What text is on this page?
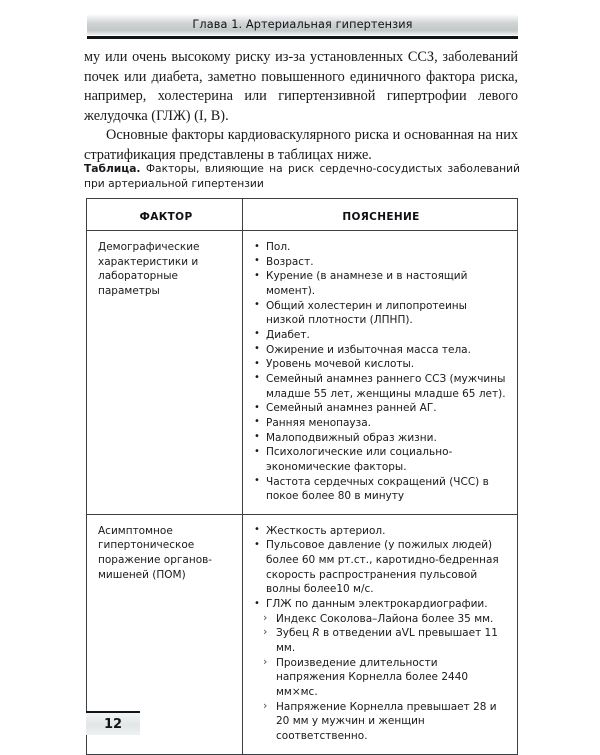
Глава 1. Артериальная гипертензия

му или очень высокому риску из-за установленных ССЗ, заболеваний почек или диабета, заметно повышенного единичного фактора риска, например, холестерина или гипертензивной гипертрофии левого желудочка (ГЛЖ) (I, B).

Основные факторы кардиоваскулярного риска и основанная на них стратификация представлены в таблицах ниже.

Таблица. Факторы, влияющие на риск сердечно-сосудистых заболеваний при артериальной гипертензии
ФАКТОР	ПОЯСНЕНИЕ
Демографические характеристики и лабораторные параметры
• Пол.
• Возраст.
• Курение (в анамнезе и в настоящий момент).
• Общий холестерин и липопротеины низкой плотности (ЛПНП).
• Диабет.
• Ожирение и избыточная масса тела.
• Уровень мочевой кислоты.
• Семейный анамнез раннего ССЗ (мужчины младше 55 лет, женщины младше 65 лет).
• Семейный анамнез ранней АГ.
• Ранняя менопауза.
• Малоподвижный образ жизни.
• Психологические или социально-экономические факторы.
• Частота сердечных сокращений (ЧСС) в покое более 80 в минуту
Асимптомное гипертоническое поражение органов-мишеней (ПОМ)
• Жесткость артериол.
• Пульсовое давление (у пожилых людей) более 60 мм рт.ст., каротидно-бедренная скорость распространения пульсовой волны более10 м/с.
• ГЛЖ по данным электрокардиографии.
› Индекс Соколова–Лайона более 35 мм.
› Зубец R в отведении aVL превышает 11 мм.
› Произведение длительности напряжения Корнелла более 2440 мм×мс.
› Напряжение Корнелла превышает 28 и 20 мм у мужчин и женщин соответственно.
12
